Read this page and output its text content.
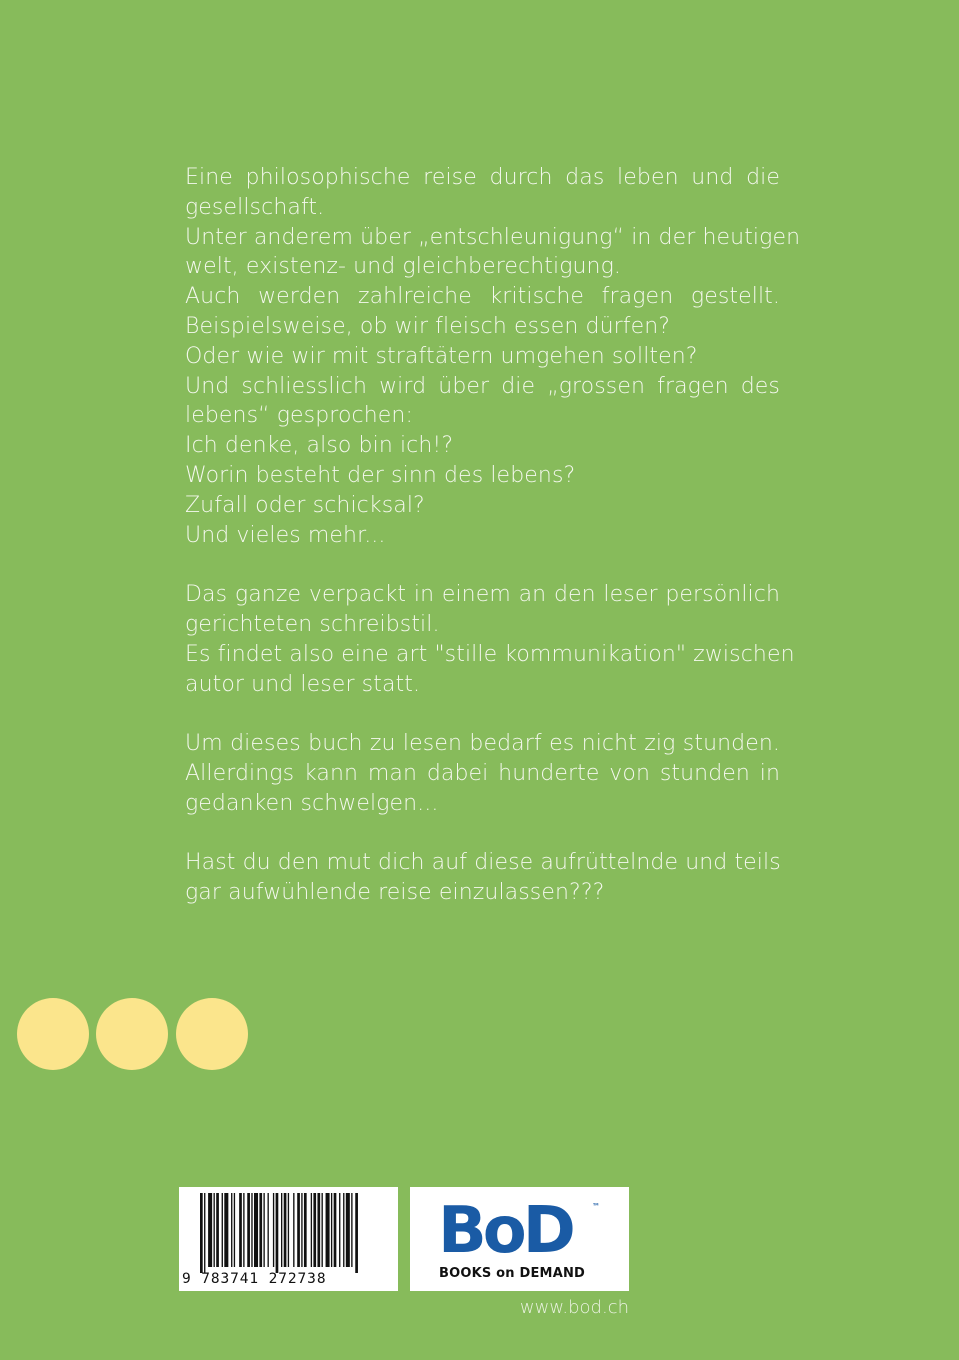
Eine philosophische reise durch das leben und die
gesellschaft.
Unter anderem über „entschleunigung“ in der heutigen
welt, existenz- und gleichberechtigung.
Auch werden zahlreiche kritische fragen gestellt.
Beispielsweise, ob wir fleisch essen dürfen?
Oder wie wir mit straftätern umgehen sollten?
Und schliesslich wird über die „grossen fragen des
lebens“ gesprochen:
Ich denke, also bin ich!?
Worin besteht der sinn des lebens?
Zufall oder schicksal?
Und vieles mehr...
Das ganze verpackt in einem an den leser persönlich
gerichteten schreibstil.
Es findet also eine art "stille kommunikation" zwischen
autor und leser statt.
Um dieses buch zu lesen bedarf es nicht zig stunden.
Allerdings kann man dabei hunderte von stunden in
gedanken schwelgen...
Hast du den mut dich auf diese aufrüttelnde und teils
gar aufwühlende reise einzulassen???
9 783741 272738
BoD	™
BOOKS on DEMAND
www.bod.ch
